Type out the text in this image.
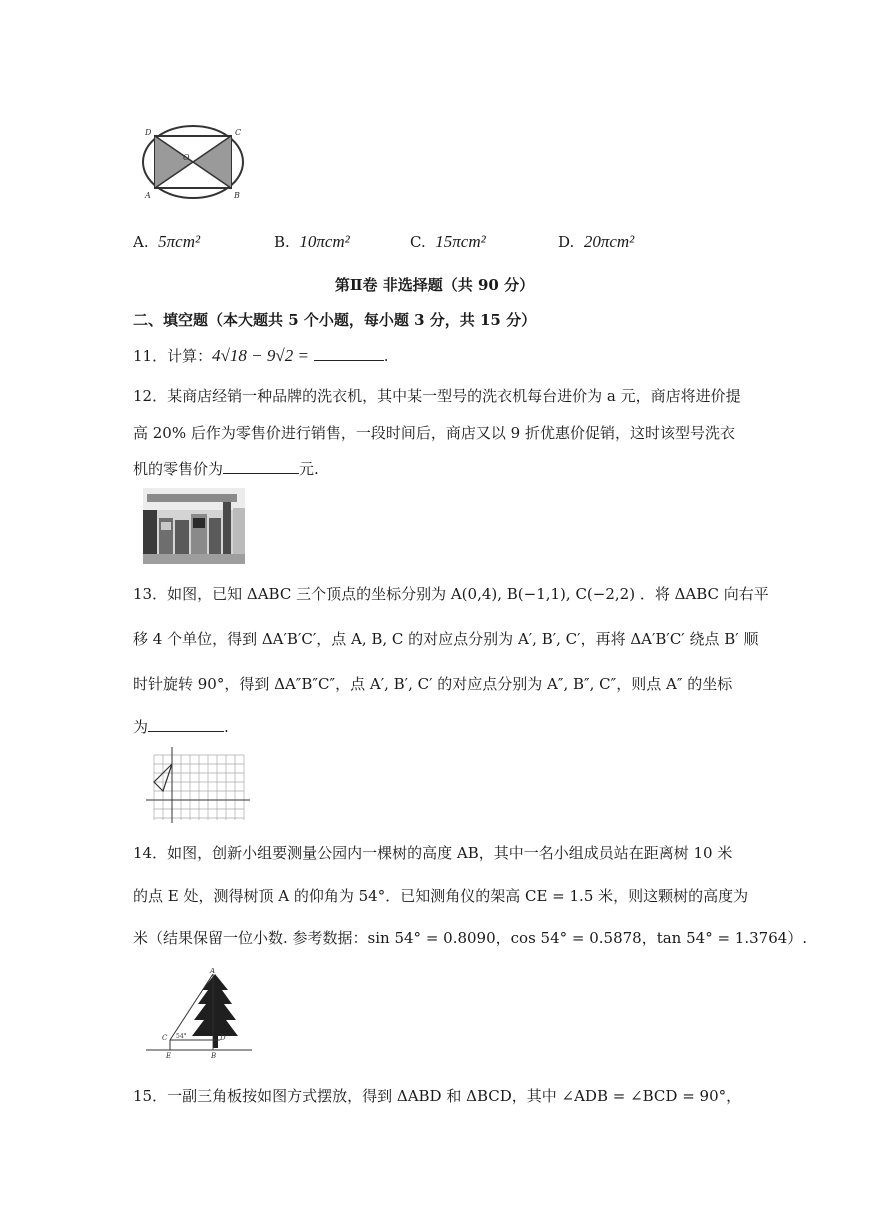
D	C
O
A	B
A. 5πcm²	B. 10πcm²	C. 15πcm²	D. 20πcm²
第Ⅱ卷 非选择题（共 90 分）
二、填空题（本大题共 5 个小题，每小题 3 分，共 15 分）
11．计算：4√18 − 9√2 =	.
12．某商店经销一种品牌的洗衣机，其中某一型号的洗衣机每台进价为 a 元，商店将进价提
高 20% 后作为零售价进行销售，一段时间后，商店又以 9 折优惠价促销，这时该型号洗衣
机的零售价为	元.
13．如图，已知 ΔABC 三个顶点的坐标分别为 A(0,4), B(−1,1), C(−2,2) ．将 ΔABC 向右平
移 4 个单位，得到 ΔA′B′C′，点 A, B, C 的对应点分别为 A′, B′, C′，再将 ΔA′B′C′ 绕点 B′ 顺
时针旋转 90°，得到 ΔA″B″C″，点 A′, B′, C′ 的对应点分别为 A″, B″, C″，则点 A″ 的坐标
为	.
14．如图，创新小组要测量公园内一棵树的高度 AB，其中一名小组成员站在距离树 10 米
的点 E 处，测得树顶 A 的仰角为 54°．已知测角仪的架高 CE = 1.5 米，则这颗树的高度为
米（结果保留一位小数. 参考数据：sin 54° = 0.8090，cos 54° = 0.5878，tan 54° = 1.3764）.
A
C	D
E	B
54°
15．一副三角板按如图方式摆放，得到 ΔABD 和 ΔBCD，其中 ∠ADB = ∠BCD = 90°，
